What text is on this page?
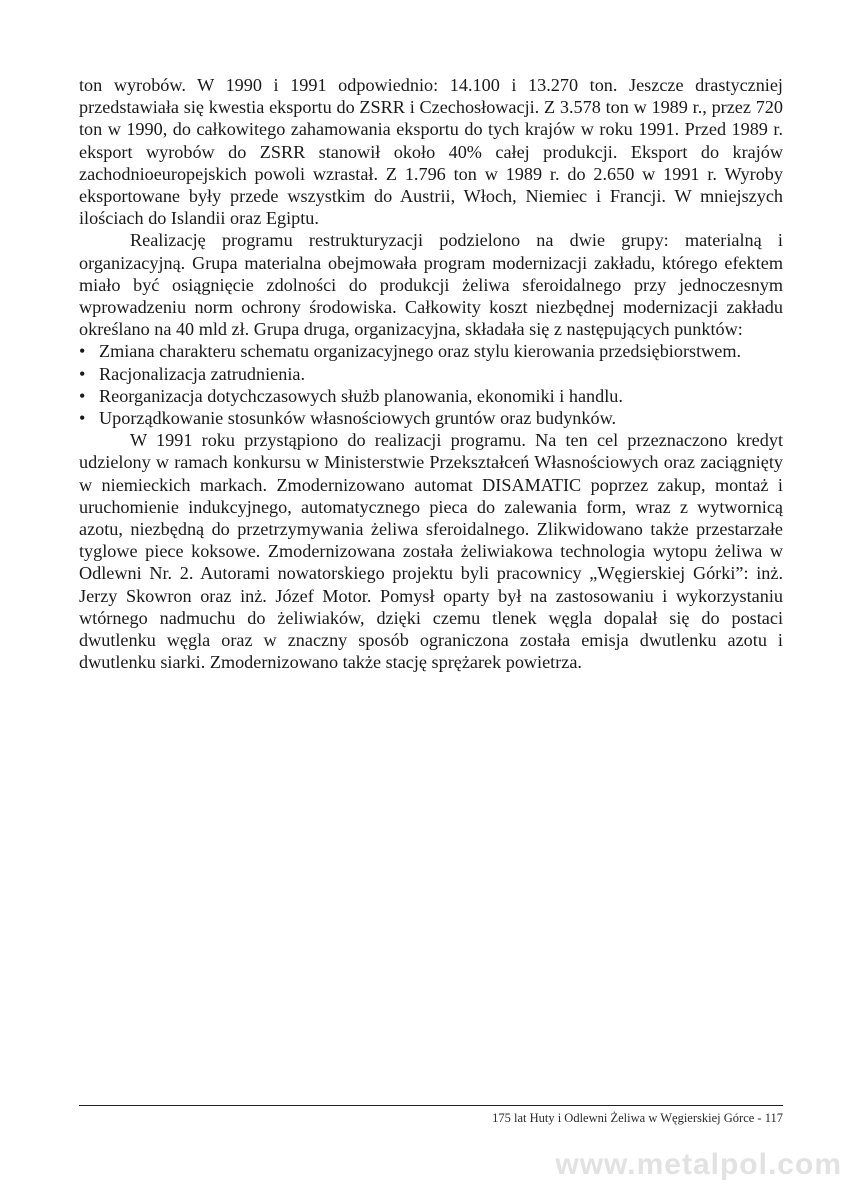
ton wyrobów. W 1990 i 1991 odpowiednio: 14.100 i 13.270 ton. Jeszcze drastyczniej przedstawiała się kwestia eksportu do ZSRR i Czechosłowacji. Z 3.578 ton w 1989 r., przez 720 ton w 1990, do całkowitego zahamowania eksportu do tych krajów w roku 1991. Przed 1989 r. eksport wyrobów do ZSRR stanowił około 40% całej produkcji. Eksport do krajów zachodnioeuropejskich powoli wzrastał. Z 1.796 ton w 1989 r. do 2.650 w 1991 r. Wyroby eksportowane były przede wszystkim do Austrii, Włoch, Niemiec i Francji. W mniejszych ilościach do Islandii oraz Egiptu.

Realizację programu restrukturyzacji podzielono na dwie grupy: materialną i organizacyjną. Grupa materialna obejmowała program modernizacji zakładu, którego efektem miało być osiągnięcie zdolności do produkcji żeliwa sferoidalnego przy jednoczesnym wprowadzeniu norm ochrony środowiska. Całkowity koszt niezbędnej modernizacji zakładu określano na 40 mld zł. Grupa druga, organizacyjna, składała się z następujących punktów:

• Zmiana charakteru schematu organizacyjnego oraz stylu kierowania przedsiębiorstwem.
• Racjonalizacja zatrudnienia.
• Reorganizacja dotychczasowych służb planowania, ekonomiki i handlu.
• Uporządkowanie stosunków własnościowych gruntów oraz budynków.

W 1991 roku przystąpiono do realizacji programu. Na ten cel przeznaczono kredyt udzielony w ramach konkursu w Ministerstwie Przekształceń Własnościowych oraz zaciągnięty w niemieckich markach. Zmodernizowano automat DISAMATIC poprzez zakup, montaż i uruchomienie indukcyjnego, automatycznego pieca do zalewania form, wraz z wytwornicą azotu, niezbędną do przetrzymywania żeliwa sferoidalnego. Zlikwidowano także przestarzałe tyglowe piece koksowe. Zmodernizowana została żeliwiakowa technologia wytopu żeliwa w Odlewni Nr. 2. Autorami nowatorskiego projektu byli pracownicy „Węgierskiej Górki”: inż. Jerzy Skowron oraz inż. Józef Motor. Pomysł oparty był na zastosowaniu i wykorzystaniu wtórnego nadmuchu do żeliwiaków, dzięki czemu tlenek węgla dopalał się do postaci dwutlenku węgla oraz w znaczny sposób ograniczona została emisja dwutlenku azotu i dwutlenku siarki. Zmodernizowano także stację sprężarek powietrza.

175 lat Huty i Odlewni Żeliwa w Węgierskiej Górce - 117
www.metalpol.com
